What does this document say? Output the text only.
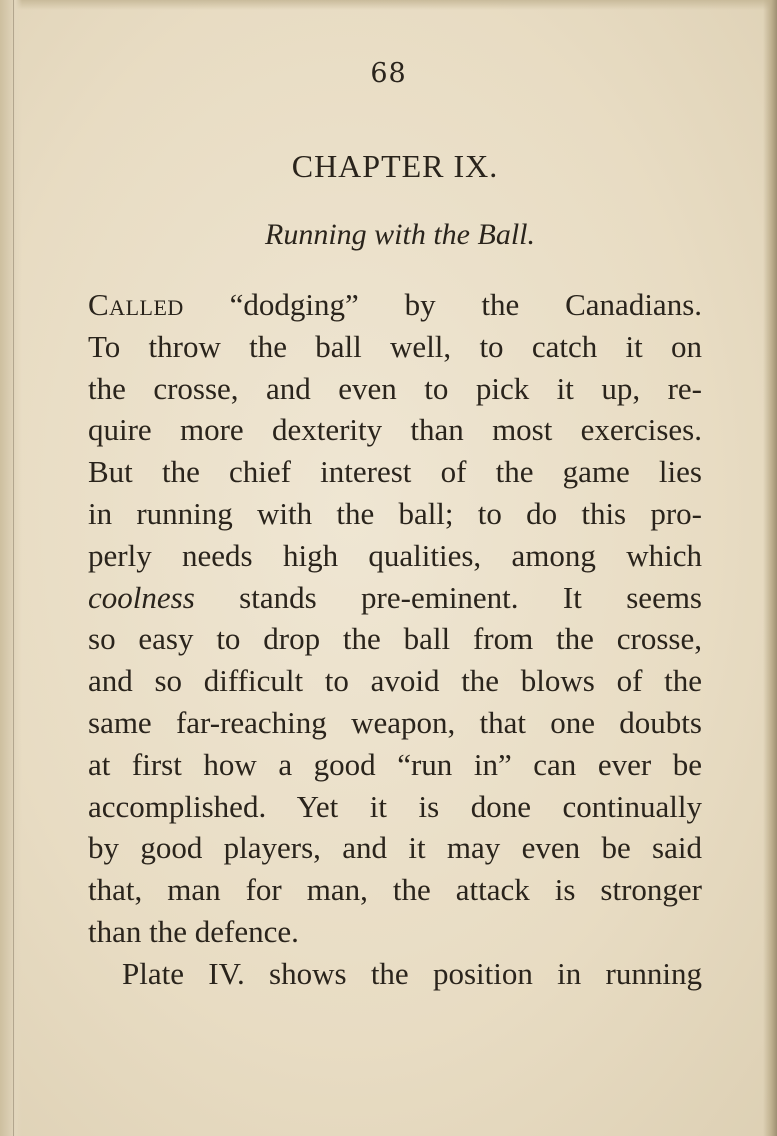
68
CHAPTER IX.
Running with the Ball.
Called “dodging” by the Canadians.
To throw the ball well, to catch it on
the crosse, and even to pick it up, re-
quire more dexterity than most exercises.
But the chief interest of the game lies
in running with the ball; to do this pro-
perly needs high qualities, among which
coolness stands pre-eminent. It seems
so easy to drop the ball from the crosse,
and so difficult to avoid the blows of the
same far-reaching weapon, that one doubts
at first how a good “run in” can ever be
accomplished. Yet it is done continually
by good players, and it may even be said
that, man for man, the attack is stronger
than the defence.
Plate IV. shows the position in running
